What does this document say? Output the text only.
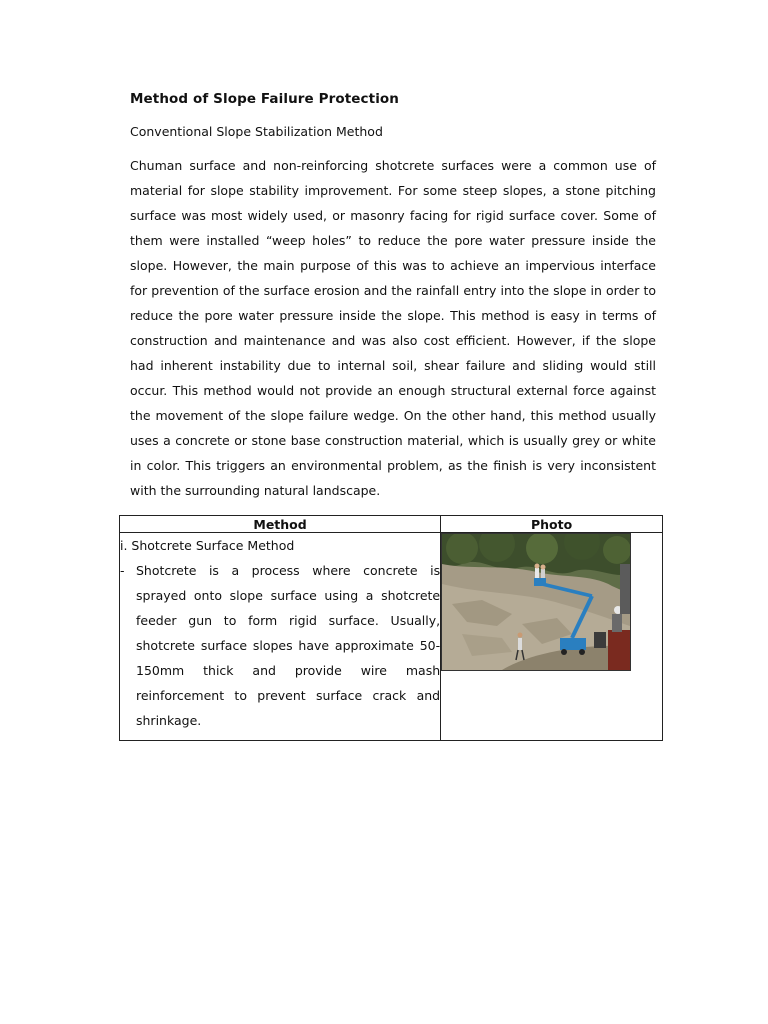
Method of Slope Failure Protection
Conventional Slope Stabilization Method
Chuman surface and non-reinforcing shotcrete surfaces were a common use of material for slope stability improvement. For some steep slopes, a stone pitching surface was most widely used, or masonry facing for rigid surface cover. Some of them were installed “weep holes” to reduce the pore water pressure inside the slope. However, the main purpose of this was to achieve an impervious interface for prevention of the surface erosion and the rainfall entry into the slope in order to reduce the pore water pressure inside the slope. This method is easy in terms of construction and maintenance and was also cost efficient. However, if the slope had inherent instability due to internal soil, shear failure and sliding would still occur. This method would not provide an enough structural external force against the movement of the slope failure wedge. On the other hand, this method usually uses a concrete or stone base construction material, which is usually grey or white in color. This triggers an environmental problem, as the finish is very inconsistent with the surrounding natural landscape.
Method	Photo

i. Shotcrete Surface Method
- Shotcrete is a process where concrete is sprayed onto slope surface using a shotcrete feeder gun to form rigid surface. Usually, shotcrete surface slopes have approximate 50-150mm thick and provide wire mash reinforcement to prevent surface crack and shrinkage.
